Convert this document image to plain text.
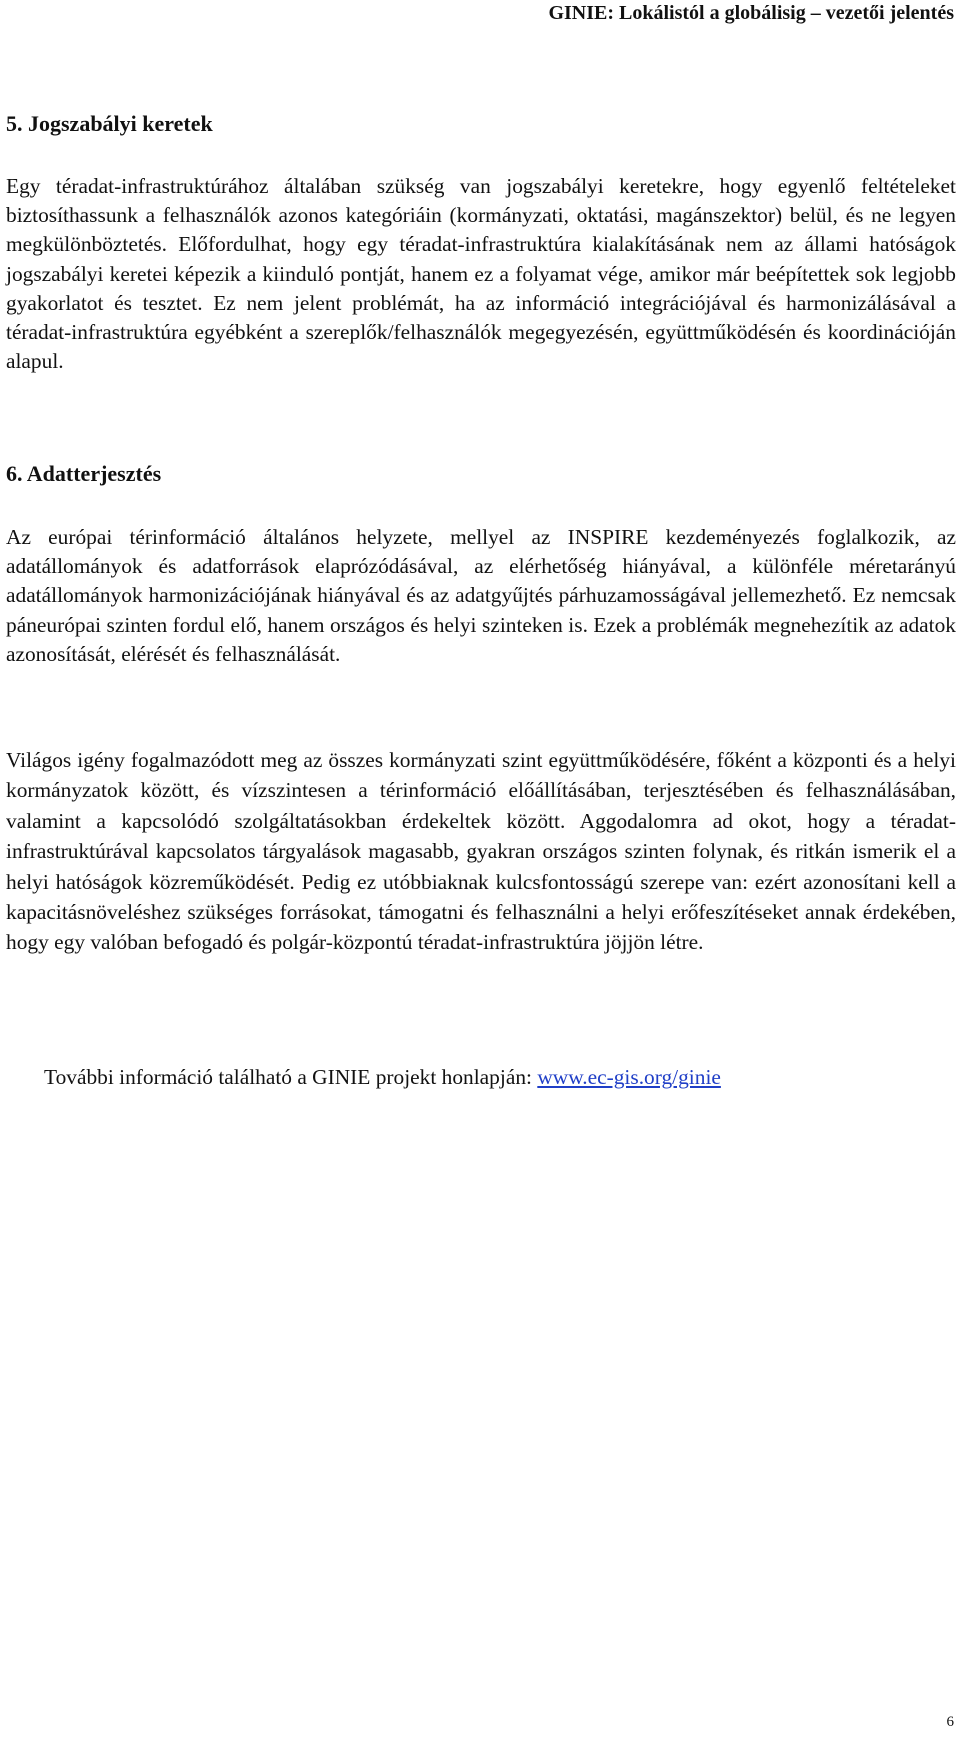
GINIE: Lokálistól a globálisig – vezetői jelentés
5. Jogszabályi keretek

Egy téradat-infrastruktúrához általában szükség van jogszabályi keretekre, hogy egyenlő feltételeket biztosíthassunk a felhasználók azonos kategóriáin (kormányzati, oktatási, magánszektor) belül, és ne legyen megkülönböztetés. Előfordulhat, hogy egy téradat-infrastruktúra kialakításának nem az állami hatóságok jogszabályi keretei képezik a kiinduló pontját, hanem ez a folyamat vége, amikor már beépítettek sok legjobb gyakorlatot és tesztet. Ez nem jelent problémát, ha az információ integrációjával és harmonizálásával a téradat-infrastruktúra egyébként a szereplők/felhasználók megegyezésén, együttműködésén és koordinációján alapul.

6. Adatterjesztés

Az európai térinformáció általános helyzete, mellyel az INSPIRE kezdeményezés foglalkozik, az adatállományok és adatforrások elaprózódásával, az elérhetőség hiányával, a különféle méretarányú adatállományok harmonizációjának hiányával és az adatgyűjtés párhuzamosságával jellemezhető. Ez nemcsak páneurópai szinten fordul elő, hanem országos és helyi szinteken is. Ezek a problémák megnehezítik az adatok azonosítását, elérését és felhasználását.

Világos igény fogalmazódott meg az összes kormányzati szint együttműködésére, főként a központi és a helyi kormányzatok között, és vízszintesen a térinformáció előállításában, terjesztésében és felhasználásában, valamint a kapcsolódó szolgáltatásokban érdekeltek között. Aggodalomra ad okot, hogy a téradat-infrastruktúrával kapcsolatos tárgyalások magasabb, gyakran országos szinten folynak, és ritkán ismerik el a helyi hatóságok közreműködését. Pedig ez utóbbiaknak kulcsfontosságú szerepe van: ezért azonosítani kell a kapacitásnöveléshez szükséges forrásokat, támogatni és felhasználni a helyi erőfeszítéseket annak érdekében, hogy egy valóban befogadó és polgár-központú téradat-infrastruktúra jöjjön létre.

További információ található a GINIE projekt honlapján: www.ec-gis.org/ginie
6
